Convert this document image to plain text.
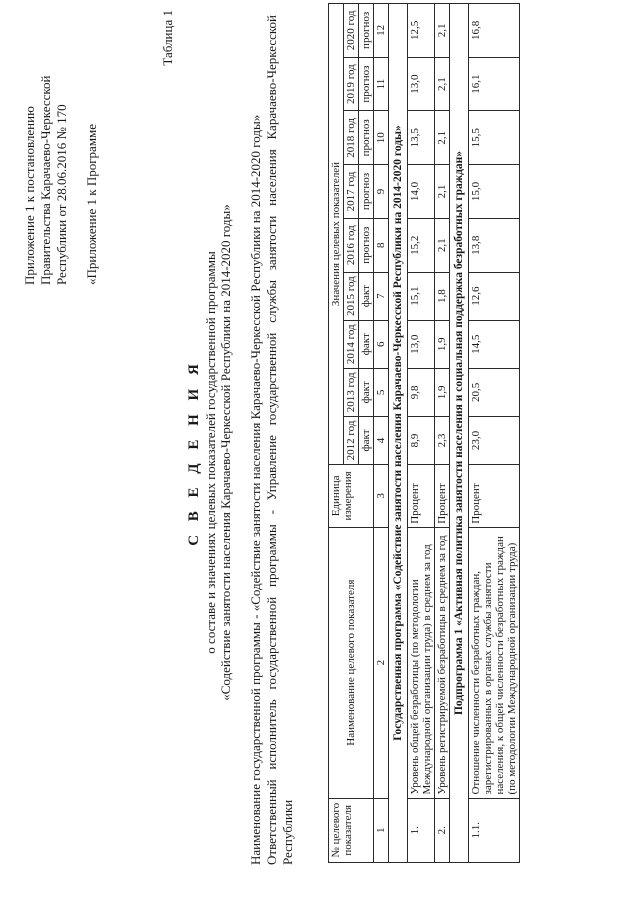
Приложение 1 к постановлению Правительства Карачаево-Черкесской Республики от 28.06.2016 № 170 «Приложение 1 к Программе

Таблица 1
С В Е Д Е Н И Я о составе и значениях целевых показателей государственной программы «Содействие занятости населения Карачаево-Черкесской Республики на 2014-2020 годы» Наименование государственной программы - «Содействие занятости населения Карачаево-Черкесской Республики на 2014-2020 годы» Ответственный исполнитель государственной программы - Управление государственной службы занятости населения Карачаево-Черкесской Республики	№ целевого показателя	Наименование целевого показателя	Единица измерения	Значения целевых показателей								
			2012 год	2013 год	2014 год	2015 год	2016 год	2017 год	2018 год	2019 год	2020 год
			факт	факт	факт	факт	прогноз	прогноз	прогноз	прогноз	прогноз
1	2	3	4	5	6	7	8	9	10	11	12
Государственная программа «Содействие занятости населения Карачаево-Черкесской Республики на 2014-2020 годы»											
1.	Уровень общей безработицы (по методологии Международной организации труда) в среднем за год	Процент	8,9	9,8	13,0	15,1	15,2	14,0	13,5	13,0	12,5
2.	Уровень регистрируемой безработицы в среднем за год	Процент	2,3	1,9	1,9	1,8	2,1	2,1	2,1	2,1	2,1
Подпрограмма 1 «Активная политика занятости населения и социальная поддержка безработных граждан»											
1.1.	Отношение численности безработных граждан, зарегистрированных в органах службы занятости населения, к общей численности безработных граждан (по методологии Международной организации труда)	Процент	23,0	20,5	14,5	12,6	13,8	15,0	15,5	16,1	16,8
